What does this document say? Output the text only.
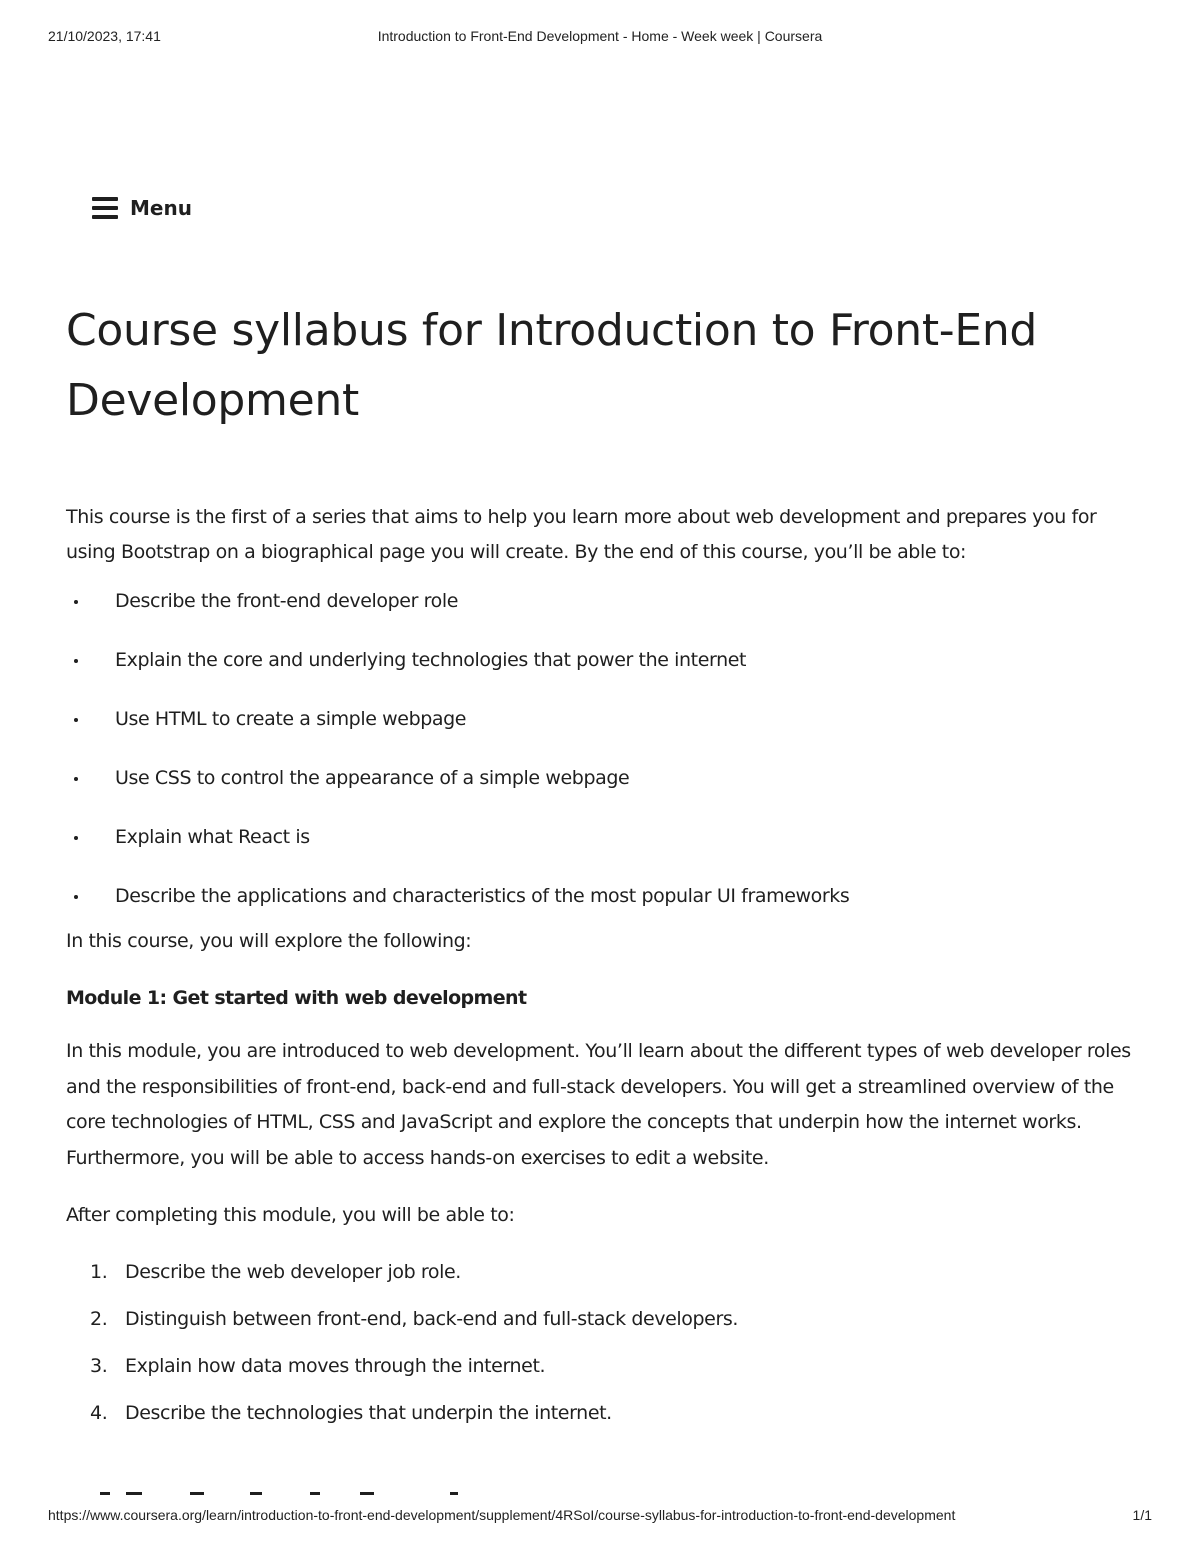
21/10/2023, 17:41	Introduction to Front-End Development - Home - Week week | Coursera
Menu
Course syllabus for Introduction to Front-End Development

This course is the first of a series that aims to help you learn more about web development and prepares you for using Bootstrap on a biographical page you will create. By the end of this course, you’ll be able to:

Describe the front-end developer role
Explain the core and underlying technologies that power the internet
Use HTML to create a simple webpage
Use CSS to control the appearance of a simple webpage
Explain what React is
Describe the applications and characteristics of the most popular UI frameworks

In this course, you will explore the following:

Module 1: Get started with web development

In this module, you are introduced to web development. You’ll learn about the different types of web developer roles and the responsibilities of front-end, back-end and full-stack developers. You will get a streamlined overview of the core technologies of HTML, CSS and JavaScript and explore the concepts that underpin how the internet works. Furthermore, you will be able to access hands-on exercises to edit a website.

After completing this module, you will be able to:

1. Describe the web developer job role.
2. Distinguish between front-end, back-end and full-stack developers.
3. Explain how data moves through the internet.
4. Describe the technologies that underpin the internet.
https://www.coursera.org/learn/introduction-to-front-end-development/supplement/4RSoI/course-syllabus-for-introduction-to-front-end-development	1/1
